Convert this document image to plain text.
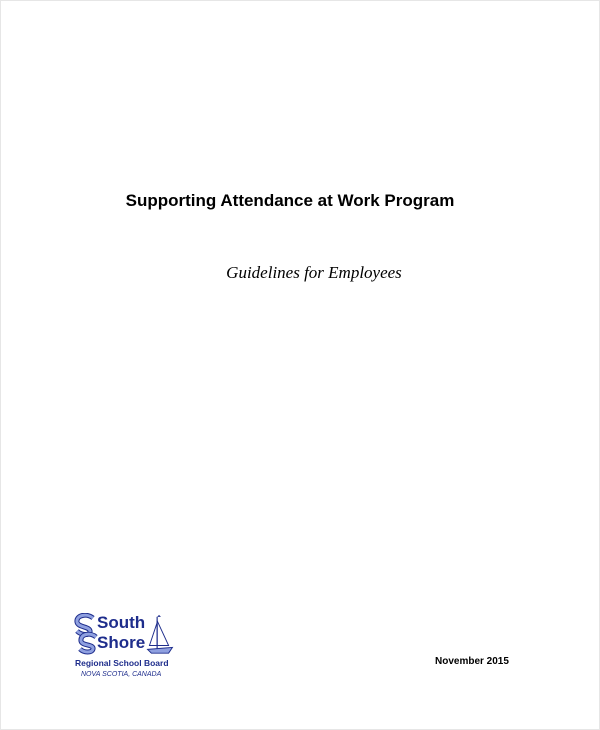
Supporting Attendance at Work Program
Guidelines for Employees
South
Shore
Regional School Board
NOVA SCOTIA, CANADA
November 2015
